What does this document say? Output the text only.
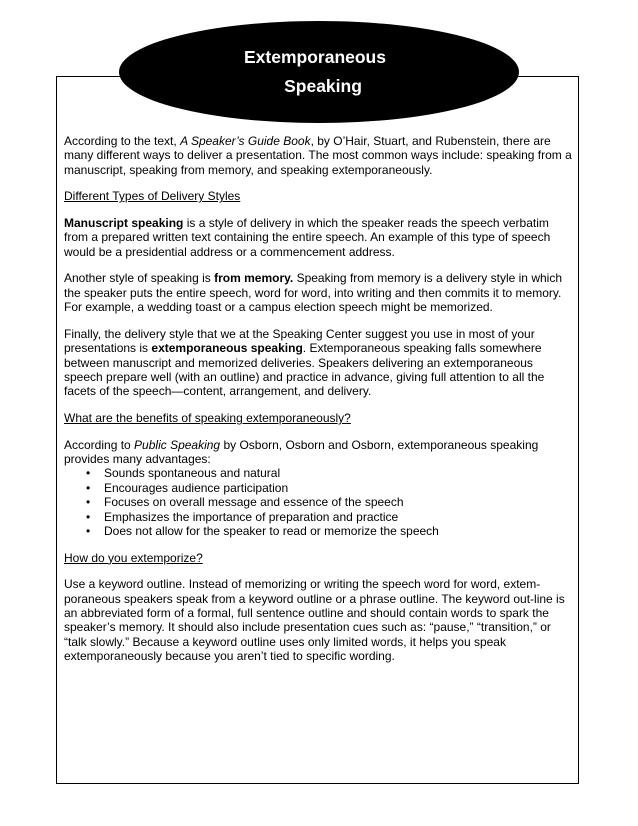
Extemporaneous
Speaking

According to the text, A Speaker’s Guide Book, by O’Hair, Stuart, and Rubenstein, there are many different ways to deliver a presentation. The most common ways include: speaking from a manuscript, speaking from memory, and speaking extemporaneously.

Different Types of Delivery Styles

Manuscript speaking is a style of delivery in which the speaker reads the speech verbatim from a prepared written text containing the entire speech. An example of this type of speech would be a presidential address or a commencement address.

Another style of speaking is from memory. Speaking from memory is a delivery style in which the speaker puts the entire speech, word for word, into writing and then commits it to memory. For example, a wedding toast or a campus election speech might be memorized.

Finally, the delivery style that we at the Speaking Center suggest you use in most of your presentations is extemporaneous speaking. Extemporaneous speaking falls somewhere between manuscript and memorized deliveries. Speakers delivering an extemporaneous speech prepare well (with an outline) and practice in advance, giving full attention to all the facets of the speech—content, arrangement, and delivery.

What are the benefits of speaking extemporaneously?

According to Public Speaking by Osborn, Osborn and Osborn, extemporaneous speaking provides many advantages:

• Sounds spontaneous and natural
• Encourages audience participation
• Focuses on overall message and essence of the speech
• Emphasizes the importance of preparation and practice
• Does not allow for the speaker to read or memorize the speech

How do you extemporize?

Use a keyword outline. Instead of memorizing or writing the speech word for word, extem-poraneous speakers speak from a keyword outline or a phrase outline. The keyword out-line is an abbreviated form of a formal, full sentence outline and should contain words to spark the speaker’s memory. It should also include presentation cues such as: “pause,” “transition,” or “talk slowly.” Because a keyword outline uses only limited words, it helps you speak extemporaneously because you aren’t tied to specific wording.
